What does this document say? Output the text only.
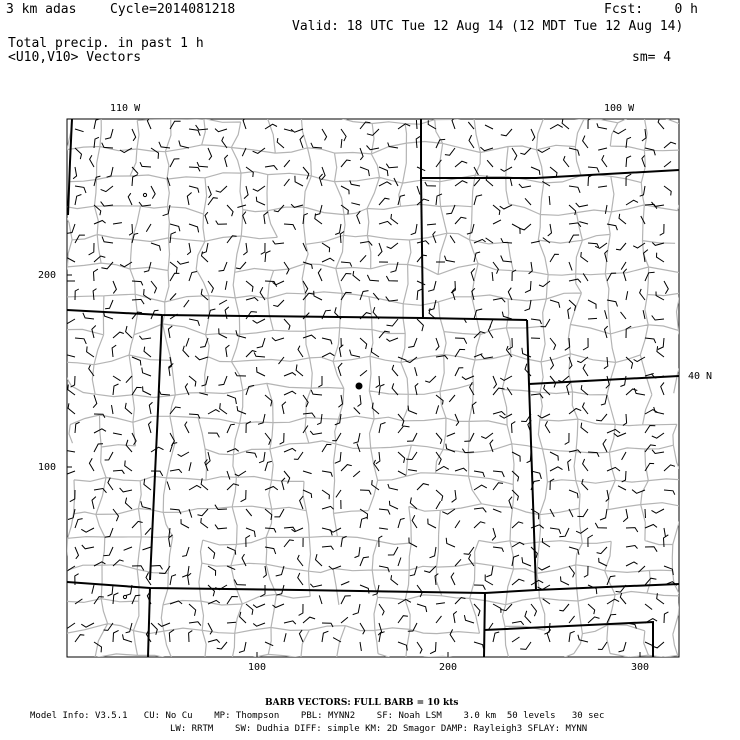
3 km adas	Cycle=2014081218	Fcst:    0 h
Valid: 18 UTC Tue 12 Aug 14 (12 MDT Tue 12 Aug 14)
Total precip. in past 1 h
<U10,V10> Vectors	sm= 4
110 W	100 W
200
100
100	200	300
40 N
BARB VECTORS: FULL BARB = 10 kts
Model Info: V3.5.1   CU: No Cu    MP: Thompson    PBL: MYNN2    SF: Noah LSM    3.0 km  50 levels   30 sec
LW: RRTM    SW: Dudhia DIFF: simple KM: 2D Smagor DAMP: Rayleigh3 SFLAY: MYNN
